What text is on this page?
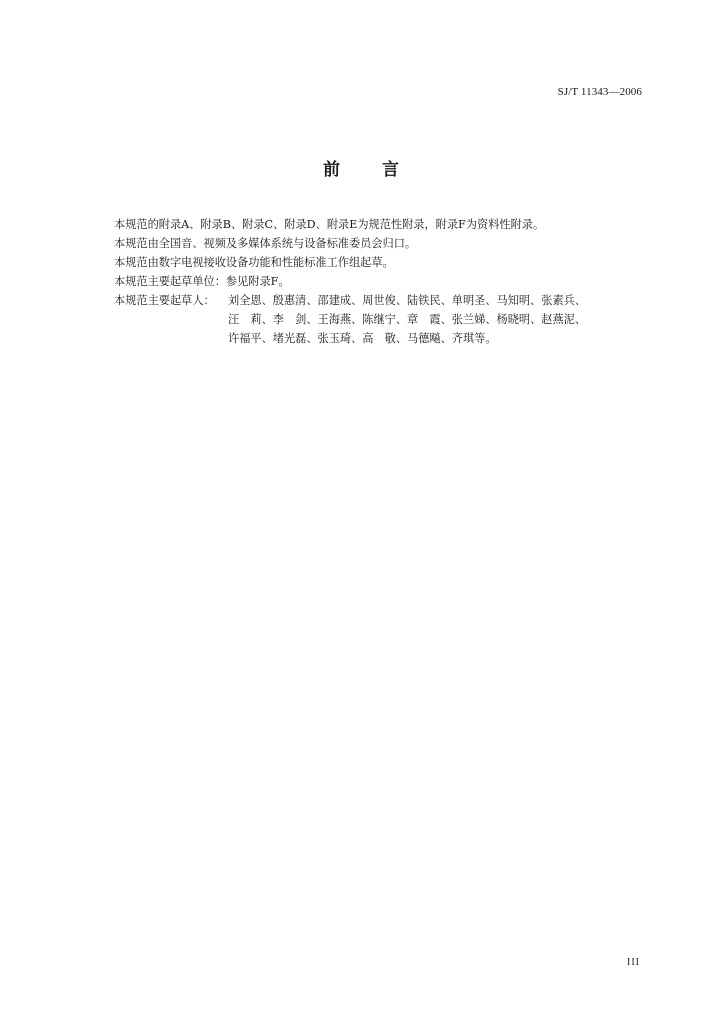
SJ/T 11343—2006
前 言
本规范的附录A、附录B、附录C、附录D、附录E为规范性附录，附录F为资料性附录。
本规范由全国音、视频及多媒体系统与设备标准委员会归口。
本规范由数字电视接收设备功能和性能标准工作组起草。
本规范主要起草单位：参见附录F。
本规范主要起草人：	刘全恩、殷惠清、邵建成、周世俊、陆铁民、单明圣、马知明、张素兵、
汪　莉、李　剑、王海燕、陈继宁、章　霞、张兰娣、杨晓明、赵燕泥、
许福平、堵光磊、张玉琦、高　敬、马德飚、齐琪等。
III
